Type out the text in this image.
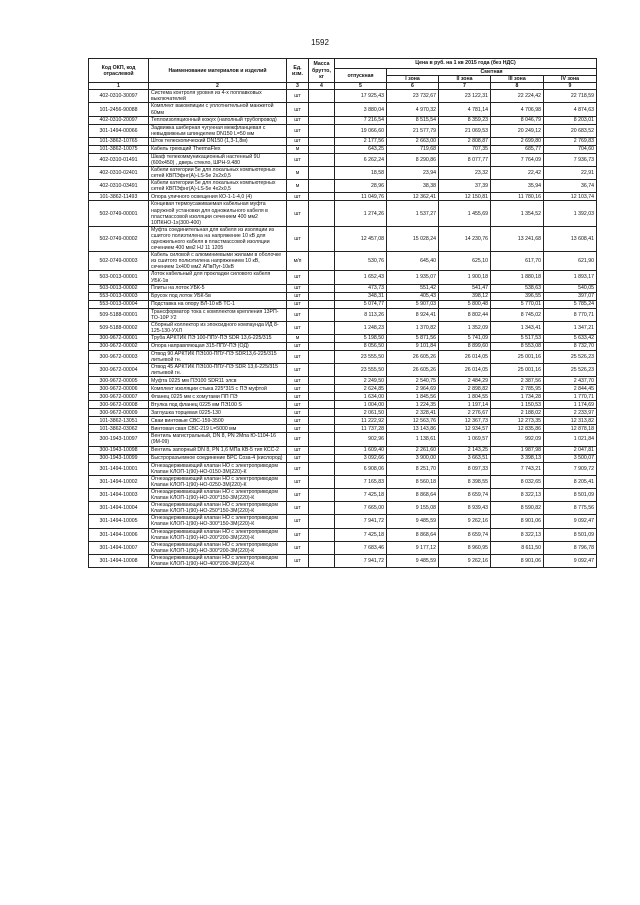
1592
Код ОКП, код отраслевой	Наименование материалов и изделий	Ед. изм.	Масса брутто, кг	Цена в руб. на 1 кв 2015 года (без НДС)				
				отпускная	Сметная			
					I зона	II зона	III зона	IV зона
1	2	3	4	5	6	7	8	9
402-0310-30097	Система контроля уровня из 4-х поплавковых выключателей	шт		17 925,43	23 732,67	23 122,31	22 224,42	22 718,59
101-2456-90088	Комплект вакомпиции с уплотнительной манжетой 60мм	шт		3 880,04	4 970,32	4 781,14	4 706,98	4 874,63
402-0310-20097	Теплоизоляционный кожух (наполный трубопровод)	шт		7 216,54	8 515,54	8 359,23	8 046,79	8 203,01
301-1494-00066	Задвижка шиберная чугунная межфланцевая с невыдвижным шпинделем DN150 L=50 мм	шт		19 066,60	21 577,79	21 069,53	20 249,12	20 683,52
101-3862-10765	Шток телескопический DN150 (1,3-1,8м)	шт		2 177,56	2 663,00	2 808,87	2 699,80	2 769,83
101-3862-10075	Кабель греющий ThermaFlex	м		643,25	719,68	707,35	685,77	704,60
402-0310-01491	Шкаф телекоммуникационный настенный 9U (600х450) , дверь стекло, ШРН-9.480	шт		6 262,24	8 290,86	8 077,77	7 764,09	7 936,73
402-0310-02401	Кабели категории 5е для локальных компьютерных сетей КВПЭфнг(А)-LS-5е 2х2х0,5	м		18,58	23,94	23,32	22,42	22,91
402-0310-03491	Кабели категории 5е для локальных компьютерных сетей КВПЭфнг(А)-LS-5е 4х2х0,5	м		28,96	38,38	37,39	35,94	36,74
101-3862-11493	Опора уличного освещения КО-1-1-4,0 (4)	шт		11 049,76	12 362,41	12 150,81	11 780,16	12 103,74
502-0749-00001	Концевая термоусаживаемая кабельная муфта наружной установки для одножильного кабеля в пластмассовой изоляции сечением 400 мм2 10ПКНО-1х(300-400)	шт		1 274,26	1 537,27	1 455,69	1 354,52	1 392,03
502-0749-00002	Муфта соединительная для кабеля из изоляции из сшитого полиэтилена на напряжение 10 кВ для одножильного кабеля в пластмассовой изоляции сечением 400 мм2 HJ 11 1205	шт		12 457,08	15 028,24	14 230,76	13 241,68	13 608,41
502-0749-00003	Кабель силовой с алюминиевыми жилами в оболочке из сшитого полиэтилена напряжением 10 кВ, сечением 1х400 мм2 АПвПуг-10кВ	м/п		530,76	645,40	625,10	617,70	621,90
503-0013-00001	Лоток кабельный для прокладки силового кабеля УБК-1в	шт		1 652,43	1 935,07	1 900,18	1 880,18	1 893,17
503-0013-00002	Плиты на лоток УБК-5	шт		473,73	551,42	541,47	538,63	540,05
553-0013-00003	Брусок под лоток УБК-5в	шт		348,31	405,43	398,12	396,55	397,07
553-0013-00004	Подставка на опору ВЛ-10 кВ ТС-1	шт		5 074,77	5 907,03	5 800,48	5 770,01	5 785,24
509-5188-00001	Трансформатор тока с комплектом крепления 13РП-ТО-10Р У2	шт		8 113,26	8 924,41	8 802,44	8 745,02	8 770,71
509-5188-00002	Сборный коллектор из эпоксидного компаунда ИД 8-125-130-УХЛ	шт		1 248,23	1 370,82	1 352,09	1 343,41	1 347,21
300-9672-00001	Труба АРКТИК ПЭ 100-ППУ-ПЭ SDR 13,6-225/315	м		5 198,50	5 871,56	5 741,09	5 517,53	5 633,42
300-9672-00002	Опора направляющая 315-ППУ-ПЭ (ОД)	шт		8 056,50	9 101,84	8 899,60	8 553,08	8 732,70
300-9672-00003	Отвод 90 АРКТИК ПЭ100-ППУ-ПЭ SDR13,6-225/315 литьевой гн.	шт		23 555,50	26 605,26	26 014,05	25 001,16	25 526,23
300-9672-00004	Отвод 45 АРКТИК ПЭ100-ППУ-ПЭ SDR 13,6-225/315 литьевой гн.	шт		23 555,50	26 605,26	26 014,05	25 001,16	25 526,23
300-9672-00005	Муфта 0225 мм ПЭ100 SDR11 элсв	шт		2 249,50	2 540,75	2 484,29	2 387,56	2 437,70
300-9672-00006	Комплект изоляции стыка 225*315 с ПЭ муфтой	шт		2 624,85	2 964,69	2 898,82	2 785,95	2 844,45
300-9672-00007	Фланец 0225 мм с хомутами ПП ПЭ	шт		1 634,00	1 845,56	1 804,55	1 734,28	1 770,71
300-9672-00008	Втулка под фланец 0225 мм ПЭ100 S	шт		1 004,00	1 224,35	1 197,14	1 150,53	1 174,69
300-9672-00009	Заглушка торцевая 0225-130	шт		2 061,50	2 328,41	2 276,67	2 188,02	2 233,97
101-3862-13051	Сваи винтовые СВС-159-3500	шт		11 222,92	12 563,76	12 367,73	12 273,35	12 313,82
101-3862-03062	Винтовая свая СВС-219 L=5000 мм	шт		11 737,28	13 143,86	12 934,57	12 835,86	12 878,18
300-1943-10097	Вентиль магистральный, DN 8, PN 2Мпа Ю-1104-16 (9М-09)	шт		902,96	1 138,61	1 069,57	992,09	1 021,84
300-1943-10098	Вентиль запорный DN 8, PN 1,6 МПа КВ-5 тип КСС-2	шт		1 609,40	2 261,60	2 143,25	1 987,98	2 047,81
300-1943-10099	Быстроразъемное соединение БРС Соза-4 (кислород)	шт		3 092,66	3 900,00	3 663,51	3 398,13	3 500,07
301-1494-10001	Огнезадерживающий клапан НО с электроприводом Клапан КЛОП-1(90)-НО-0150-3М(220)-К	шт		6 908,06	8 251,70	8 097,33	7 743,21	7 909,72
301-1494-10002	Огнезадерживающий клапан НО с электроприводом Клапан КЛОП-1(90)-НО-0250-3М(220)-К	шт		7 165,83	8 560,18	8 398,55	8 032,65	8 205,41
301-1494-10003	Огнезадерживающий клапан НО с электроприводом Клапан КЛОП-1(90)-НО-200*150-3М(220)-К	шт		7 425,18	8 868,64	8 659,74	8 322,13	8 501,09
301-1494-10004	Огнезадерживающий клапан НО с электроприводом Клапан КЛОП-1(90)-НО-250*150-3М(220)-К	шт		7 665,00	9 155,08	8 939,43	8 590,82	8 775,56
301-1494-10005	Огнезадерживающий клапан НО с электроприводом Клапан КЛОП-1(90)-НО-300*150-3М(220)-К	шт		7 941,72	9 485,59	9 262,16	8 901,06	9 092,47
301-1494-10006	Огнезадерживающий клапан НО с электроприводом Клапан КЛОП-1(90)-НО-200*200-3М(220)-К	шт		7 425,18	8 868,64	8 659,74	8 322,13	8 501,09
301-1494-10007	Огнезадерживающий клапан НО с электроприводом Клапан КЛОП-1(90)-НО-300*200-3М(220)-К	шт		7 683,46	9 177,12	8 960,95	8 611,50	8 796,78
301-1494-10008	Огнезадерживающий клапан НО с электроприводом Клапан КЛОП-1(90)-НО-400*200-3М(220)-К	шт		7 941,72	9 485,59	9 262,16	8 901,06	9 092,47
